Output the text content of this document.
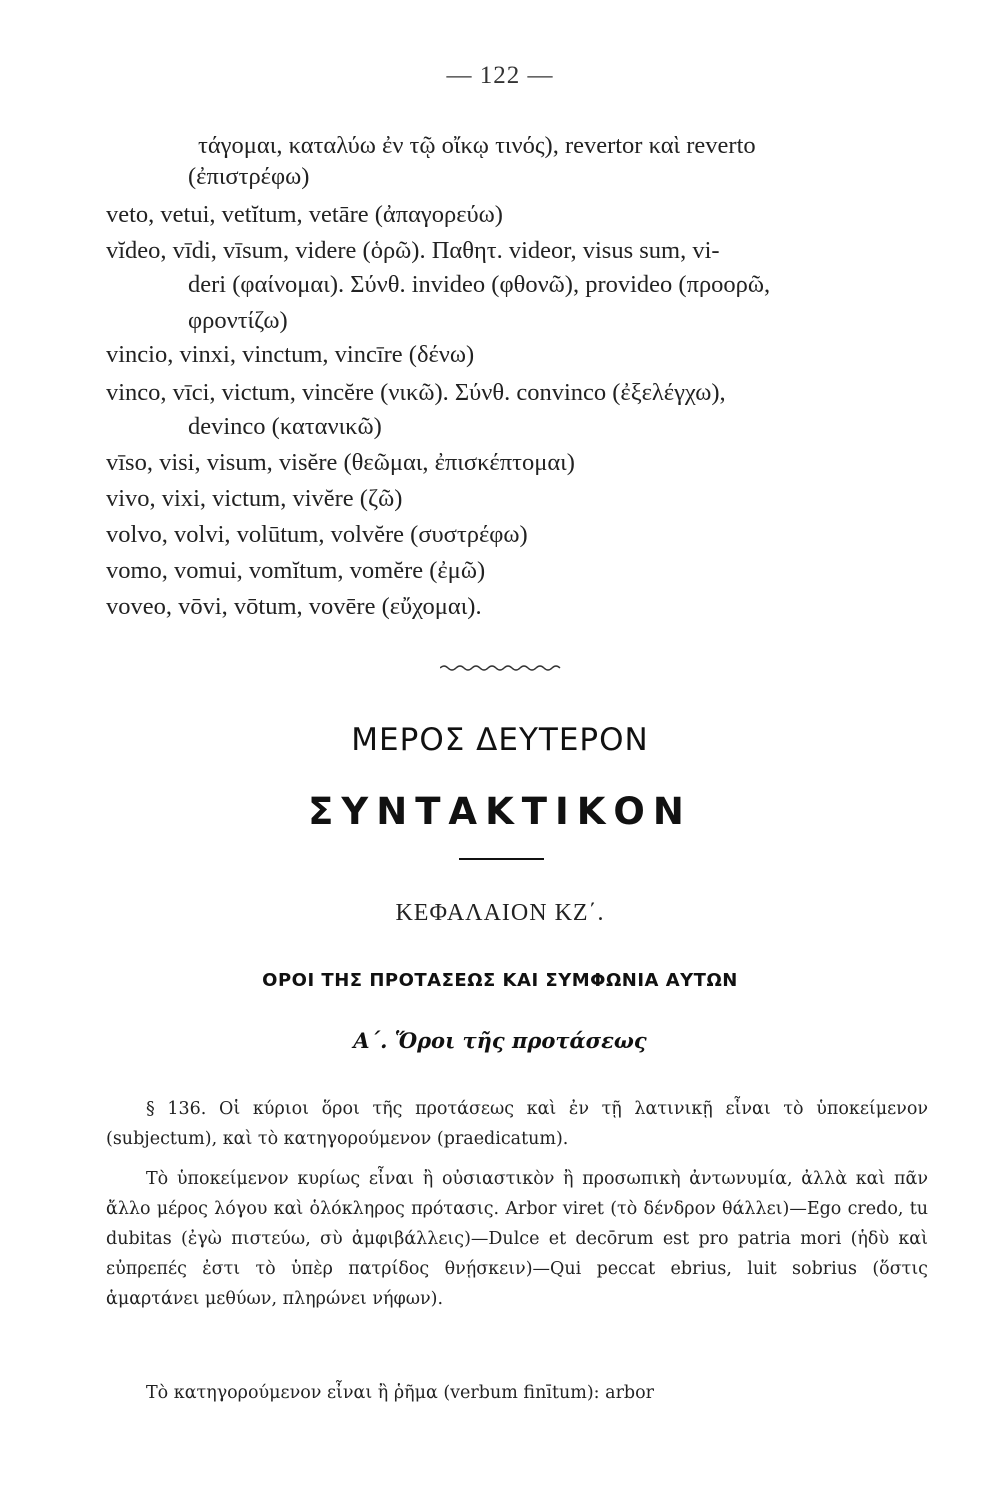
— 122 —
τάγομαι, καταλύω ἐν τῷ οἴκῳ τινός), revertor καὶ reverto
(ἐπιστρέφω)
veto, vetui, vetĭtum, vetāre (ἀπαγορεύω)
vĭdeo, vīdi, vīsum, videre (ὁρῶ). Παθητ. videor, visus sum, vi-
deri (φαίνομαι). Σύνθ. invideo (φθονῶ), provideo (προορῶ,
φροντίζω)
vincio, vinxi, vinctum, vincīre (δένω)
vinco, vīci, victum, vincĕre (νικῶ). Σύνθ. convinco (ἐξελέγχω),
devinco (κατανικῶ)
vīso, visi, visum, visĕre (θεῶμαι, ἐπισκέπτομαι)
vivo, vixi, victum, vivĕre (ζῶ)
volvo, volvi, volūtum, volvĕre (συστρέφω)
vomo, vomui, vomĭtum, vomĕre (ἐμῶ)
voveo, vōvi, vōtum, vovēre (εὔχομαι).
ΜΕΡΟΣ ΔΕΥΤΕΡΟΝ
ΣΥΝΤΑΚΤΙΚΟΝ
ΚΕΦΑΛΑΙΟΝ ΚΖ΄.
ΟΡΟΙ ΤΗΣ ΠΡΟΤΑΣΕΩΣ ΚΑΙ ΣΥΜΦΩΝΙΑ ΑΥΤΩΝ
Α΄. Ὅροι τῆς προτάσεως
§ 136. Οἱ κύριοι ὅροι τῆς προτάσεως καὶ ἐν τῇ λατινικῇ εἶναι τὸ ὑποκείμενον (subjectum), καὶ τὸ κατηγορούμενον (praedicatum).
Τὸ ὑποκείμενον κυρίως εἶναι ἢ οὐσιαστικὸν ἢ προσωπικὴ ἀντωνυμία, ἀλλὰ καὶ πᾶν ἄλλο μέρος λόγου καὶ ὁλόκληρος πρότασις. Arbor viret (τὸ δένδρον θάλλει)—Ego credo, tu dubitas (ἐγὼ πιστεύω, σὺ ἀμφιβάλλεις)—Dulce et decōrum est pro patria mori (ἡδὺ καὶ εὐπρεπές ἐστι τὸ ὑπὲρ πατρίδος θνῄσκειν)—Qui peccat ebrius, luit sobrius (ὅστις ἁμαρτάνει μεθύων, πληρώνει νήφων).
Τὸ κατηγορούμενον εἶναι ἢ ῥῆμα (verbum finītum): arbor
